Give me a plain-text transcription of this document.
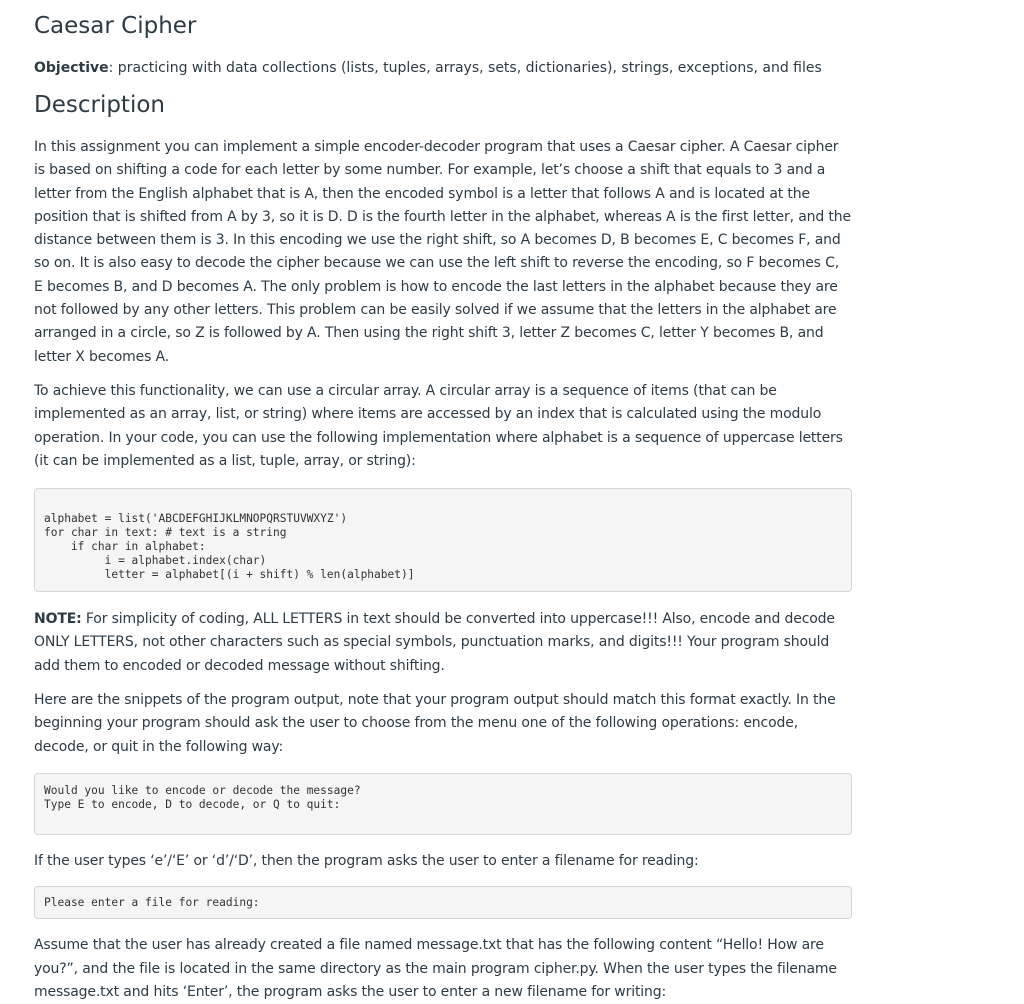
Caesar Cipher

Objective: practicing with data collections (lists, tuples, arrays, sets, dictionaries), strings, exceptions, and files

Description

In this assignment you can implement a simple encoder-decoder program that uses a Caesar cipher. A Caesar cipher is based on shifting a code for each letter by some number. For example, let’s choose a shift that equals to 3 and a letter from the English alphabet that is A, then the encoded symbol is a letter that follows A and is located at the position that is shifted from A by 3, so it is D. D is the fourth letter in the alphabet, whereas A is the first letter, and the distance between them is 3. In this encoding we use the right shift, so A becomes D, B becomes E, C becomes F, and so on. It is also easy to decode the cipher because we can use the left shift to reverse the encoding, so F becomes C, E becomes B, and D becomes A. The only problem is how to encode the last letters in the alphabet because they are not followed by any other letters. This problem can be easily solved if we assume that the letters in the alphabet are arranged in a circle, so Z is followed by A. Then using the right shift 3, letter Z becomes C, letter Y becomes B, and letter X becomes A.

To achieve this functionality, we can use a circular array. A circular array is a sequence of items (that can be implemented as an array, list, or string) where items are accessed by an index that is calculated using the modulo operation. In your code, you can use the following implementation where alphabet is a sequence of uppercase letters (it can be implemented as a list, tuple, array, or string):

alphabet = list('ABCDEFGHIJKLMNOPQRSTUVWXYZ')
for char in text: # text is a string
if char in alphabet:
i = alphabet.index(char)
letter = alphabet[(i + shift) % len(alphabet)]

NOTE: For simplicity of coding, ALL LETTERS in text should be converted into uppercase!!! Also, encode and decode ONLY LETTERS, not other characters such as special symbols, punctuation marks, and digits!!! Your program should add them to encoded or decoded message without shifting.

Here are the snippets of the program output, note that your program output should match this format exactly. In the beginning your program should ask the user to choose from the menu one of the following operations: encode, decode, or quit in the following way:

Would you like to encode or decode the message?
Type E to encode, D to decode, or Q to quit:

If the user types ‘e’/‘E’ or ‘d’/‘D’, then the program asks the user to enter a filename for reading:

Please enter a file for reading:

Assume that the user has already created a file named message.txt that has the following content “Hello! How are you?”, and the file is located in the same directory as the main program cipher.py. When the user types the filename message.txt and hits ‘Enter’, the program asks the user to enter a new filename for writing:
